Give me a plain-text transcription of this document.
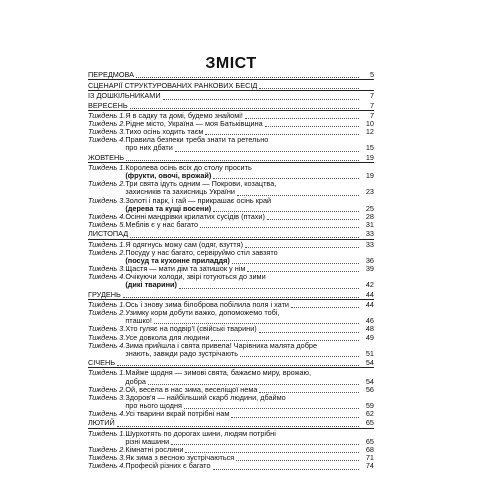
ЗМІСТ
ПЕРЕДМОВА	5
СЦЕНАРІЇ СТРУКТУРОВАНИХ РАНКОВИХ БЕСІД
ІЗ ДОШКІЛЬНИКАМИ	7
ВЕРЕСЕНЬ	7
Тиждень 1. Я в садку та домі, будемо знайомі!	7
Тиждень 2. Рідне місто, Україна — моя Батьківщина	10
Тиждень 3. Тихо осінь ходить таєм	12
Тиждень 4. Правила безпеки треба знати та ретельно
про них дбати	15
ЖОВТЕНЬ	19
Тиждень 1. Королева осінь всіх до столу просить
(фрукти, овочі, врожай)	19
Тиждень 2. Три свята ідуть одним — Покрови, козацтва,
захисників та захисниць України	23
Тиждень 3. Золоті і парк, і гай — прикрашає осінь край
(дерева та кущі восени)	25
Тиждень 4. Осінні мандрівки крилатих сусідів (птахи)	28
Тиждень 5. Меблів є у нас багато	31
ЛИСТОПАД	33
Тиждень 1. Я одягнусь можу сам (одяг, взуття)	33
Тиждень 2. Посуду у нас багато, сервіруймо стіл завзято
(посуд та кухонне приладдя)	36
Тиждень 3. Щастя — мати дім та затишок у нім	39
Тиждень 4. Очікуючи холоди, звірі готуються до зими
(дикі тварини)	42
ГРУДЕНЬ	44
Тиждень 1. Ось і знову зима білоброва побілила поля і хати	44
Тиждень 2. Узимку корм добути важко, допоможемо тобі,
пташко!	46
Тиждень 3. Хто гуляє на подвір'ї (свійські тварини)	48
Тиждень 3. Усе довкола для людини	49
Тиждень 4. Зима прийшла і свята привела! Чарівника малята добре
знають, завжди радо зустрічають	51
СІЧЕНЬ	54
Тиждень 1. Майже щодня — зимові свята, бажаємо миру, врожаю,
добра	54
Тиждень 2. Ой, весела в нас зима, веселіщої нема	56
Тиждень 3. Здоров'я — найбільший скарб людини, дбаймо
про нього щодня	59
Тиждень 4. Усі тварини вкрай потрібні нам	62
ЛЮТИЙ	65
Тиждень 1. Шурхотять по дорогах шини, людям потрібні
різні машини	65
Тиждень 2. Кімнатні рослини	68
Тиждень 3. Як зима з весною зустрічаються	71
Тиждень 4. Професій різних є багато	74
